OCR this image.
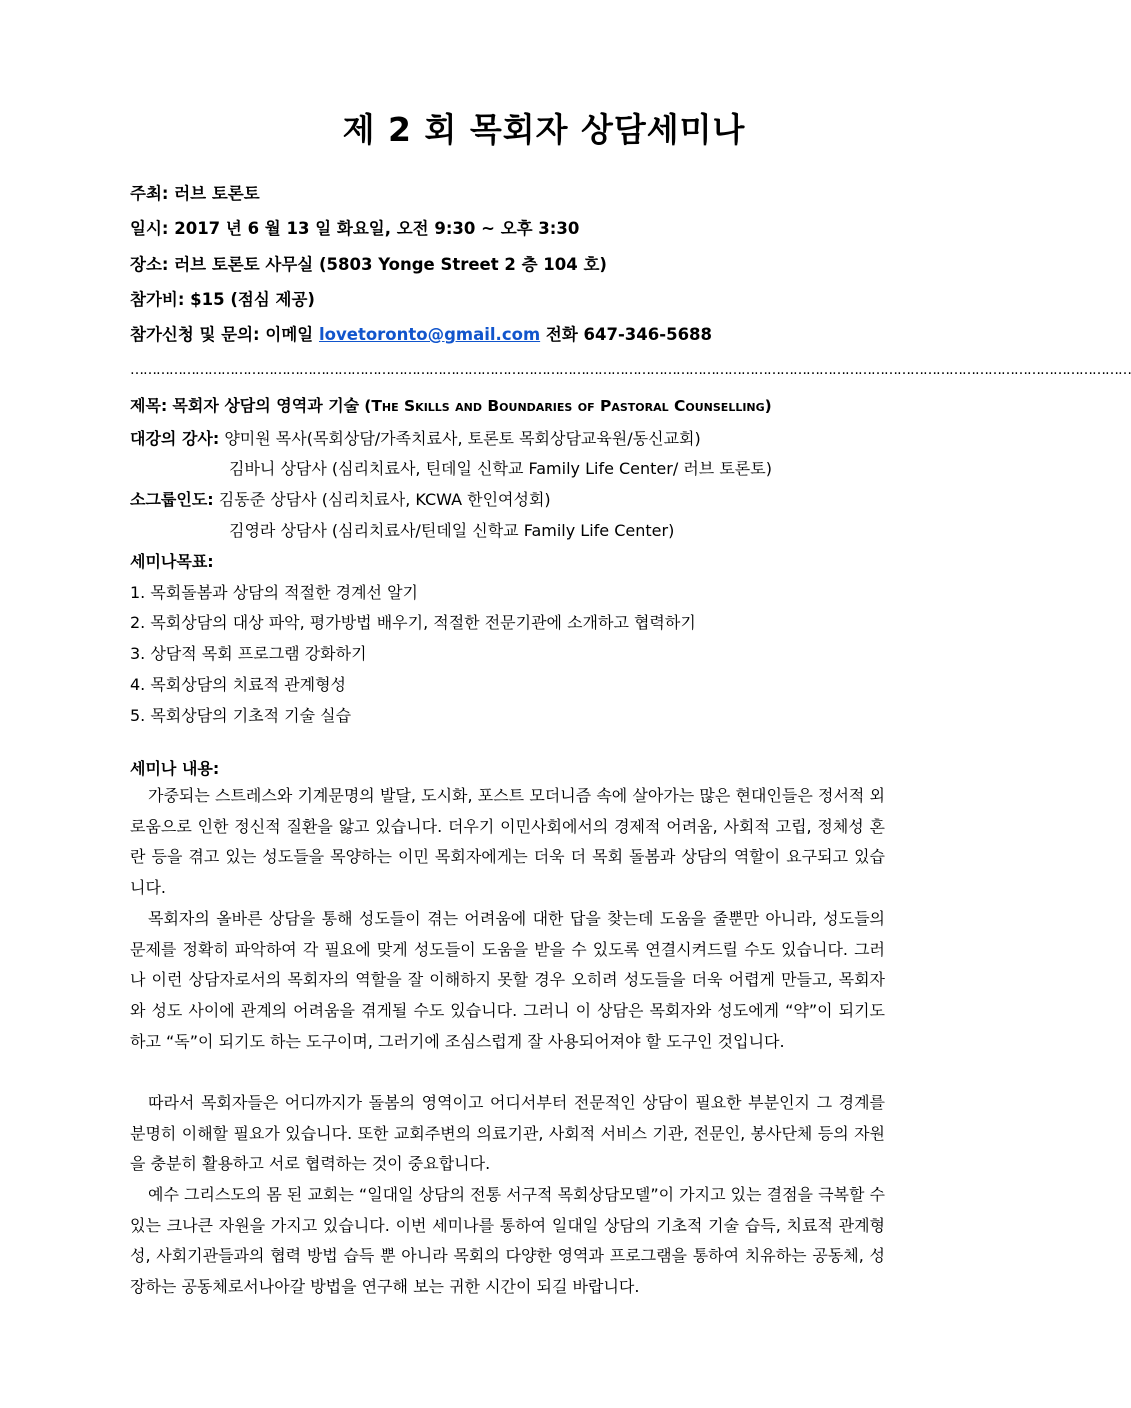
제 2 회 목회자 상담세미나
주최: 러브 토론토
일시: 2017 년 6 월 13 일 화요일, 오전 9:30 ~ 오후 3:30
장소: 러브 토론토 사무실 (5803 Yonge Street 2 층 104 호)
참가비: $15 (점심 제공)
참가신청 및 문의: 이메일 lovetoronto@gmail.com 전화 647-346-5688
……………………………………………………………………………………………………………………………………………………………………………………………………………
제목: 목회자 상담의 영역과 기술 (The Skills and Boundaries of Pastoral Counselling)
대강의 강사: 양미원 목사(목회상담/가족치료사, 토론토 목회상담교육원/동신교회)
김바니 상담사 (심리치료사, 틴데일 신학교 Family Life Center/ 러브 토론토)
소그룹인도: 김동준 상담사 (심리치료사, KCWA 한인여성회)
김영라 상담사 (심리치료사/틴데일 신학교 Family Life Center)
세미나목표:
1. 목회돌봄과 상담의 적절한 경계선 알기
2. 목회상담의 대상 파악, 평가방법 배우기, 적절한 전문기관에 소개하고 협력하기
3. 상담적 목회 프로그램 강화하기
4. 목회상담의 치료적 관계형성
5. 목회상담의 기초적 기술 실습
세미나 내용:

가중되는 스트레스와 기계문명의 발달, 도시화, 포스트 모더니즘 속에 살아가는 많은 현대인들은 정서적 외로움으로 인한 정신적 질환을 앓고 있습니다. 더우기 이민사회에서의 경제적 어려움, 사회적 고립, 정체성 혼란 등을 겪고 있는 성도들을 목양하는 이민 목회자에게는 더욱 더 목회 돌봄과 상담의 역할이 요구되고 있습니다.

목회자의 올바른 상담을 통해 성도들이 겪는 어려움에 대한 답을 찾는데 도움을 줄뿐만 아니라, 성도들의 문제를 정확히 파악하여 각 필요에 맞게 성도들이 도움을 받을 수 있도록 연결시켜드릴 수도 있습니다. 그러나 이런 상담자로서의 목회자의 역할을 잘 이해하지 못할 경우 오히려 성도들을 더욱 어렵게 만들고, 목회자와 성도 사이에 관계의 어려움을 겪게될 수도 있습니다. 그러니 이 상담은 목회자와 성도에게 “약”이 되기도 하고 “독”이 되기도 하는 도구이며, 그러기에 조심스럽게 잘 사용되어져야 할 도구인 것입니다.

따라서 목회자들은 어디까지가 돌봄의 영역이고 어디서부터 전문적인 상담이 필요한 부분인지 그 경계를 분명히 이해할 필요가 있습니다. 또한 교회주변의 의료기관, 사회적 서비스 기관, 전문인, 봉사단체 등의 자원을 충분히 활용하고 서로 협력하는 것이 중요합니다.

예수 그리스도의 몸 된 교회는 “일대일 상담의 전통 서구적 목회상담모델”이 가지고 있는 결점을 극복할 수 있는 크나큰 자원을 가지고 있습니다. 이번 세미나를 통하여 일대일 상담의 기초적 기술 습득, 치료적 관계형성, 사회기관들과의 협력 방법 습득 뿐 아니라 목회의 다양한 영역과 프로그램을 통하여 치유하는 공동체, 성장하는 공동체로서나아갈 방법을 연구해 보는 귀한 시간이 되길 바랍니다.
